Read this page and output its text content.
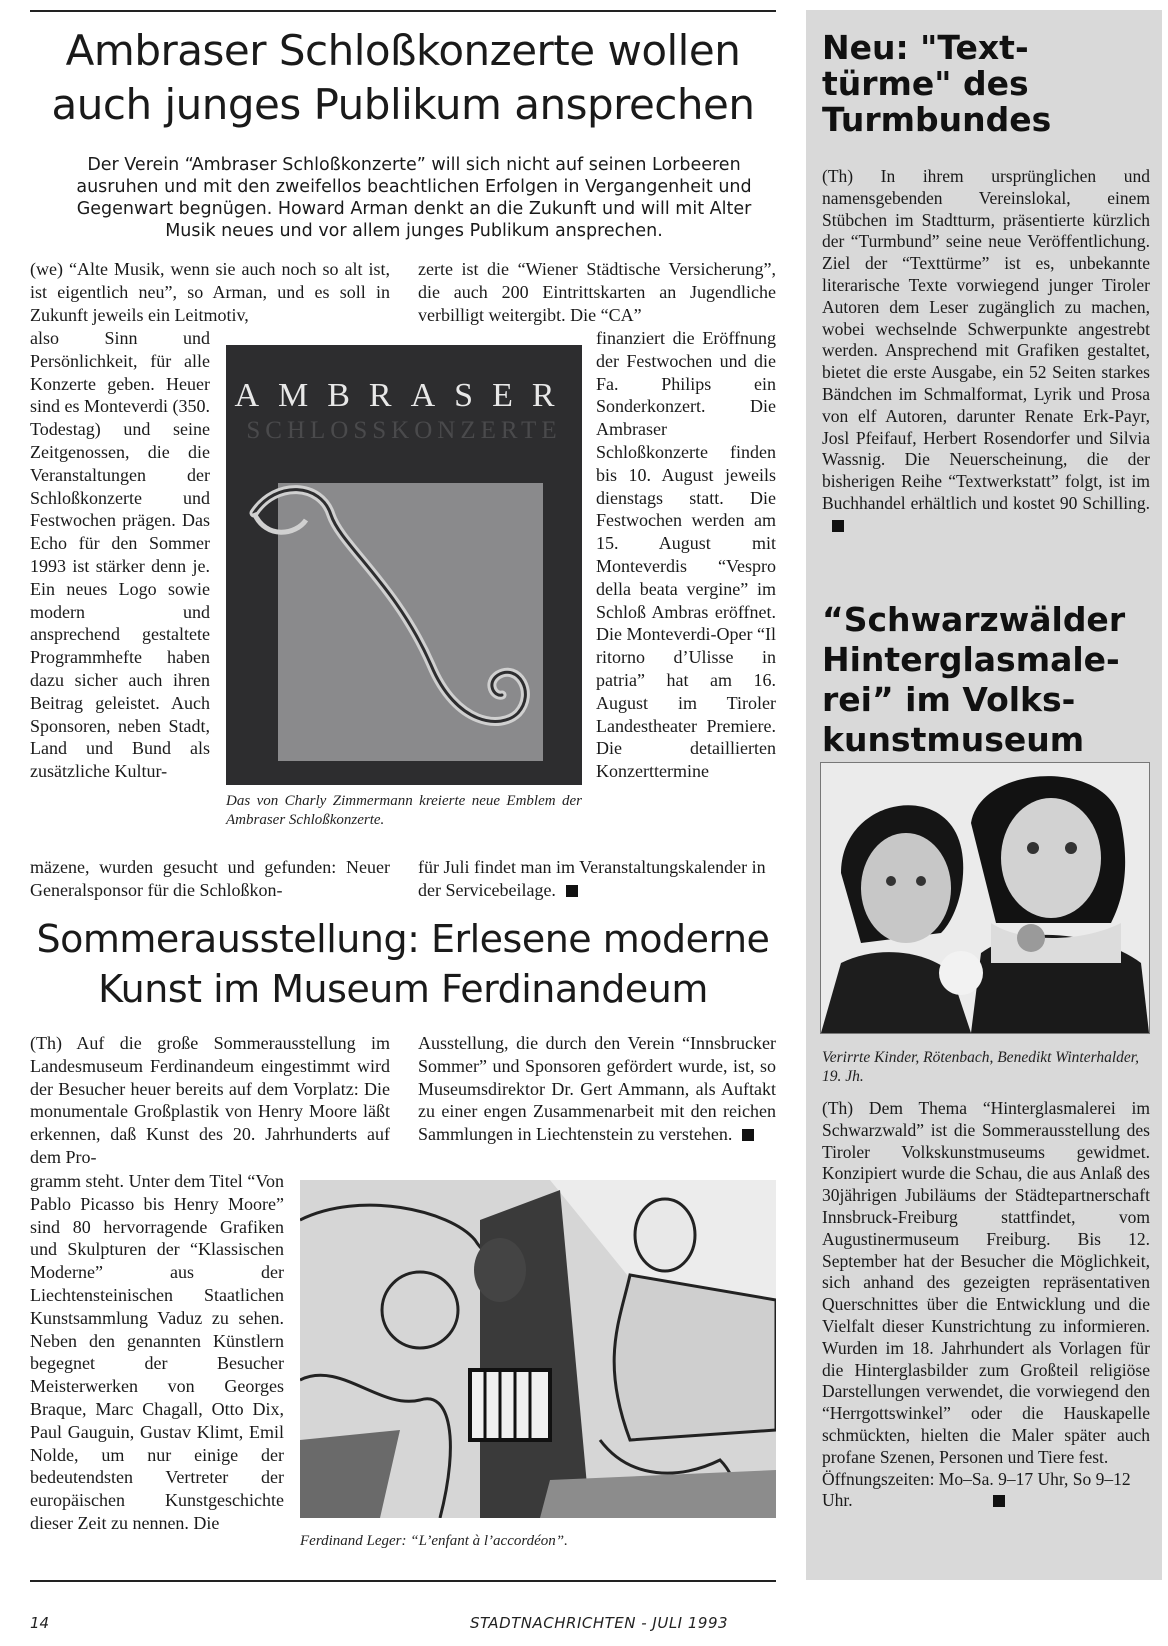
Ambraser Schloßkonzerte wollen
auch junges Publikum ansprechen
Der Verein “Ambraser Schloßkonzerte” will sich nicht auf seinen Lorbeeren ausruhen und mit den zweifellos beachtlichen Erfolgen in Vergangenheit und Gegenwart begnügen. Howard Arman denkt an die Zukunft und will mit Alter Musik neues und vor allem junges Publikum ansprechen.
(we) “Alte Musik, wenn sie auch noch so alt ist, ist eigentlich neu”, so Arman, und es soll in Zukunft jeweils ein Leitmotiv,
also Sinn und Persönlichkeit, für alle Konzerte geben. Heuer sind es Monteverdi (350. Todestag) und seine Zeitgenossen, die die Veranstaltungen der Schloßkonzerte und Festwochen prägen. Das Echo für den Sommer 1993 ist stärker denn je. Ein neues Logo sowie modern und ansprechend gestaltete Programmhefte haben dazu sicher auch ihren Beitrag geleistet. Auch Sponsoren, neben Stadt, Land und Bund als zusätzliche Kultur-
mäzene, wurden gesucht und gefunden: Neuer Generalsponsor für die Schloßkon-
zerte ist die “Wiener Städtische Versicherung”, die auch 200 Eintrittskarten an Jugendliche verbilligt weitergibt. Die “CA”
finanziert die Eröffnung der Festwochen und die Fa. Philips ein Sonderkonzert. Die Ambraser Schloßkonzerte finden bis 10. August jeweils dienstags statt. Die Festwochen werden am 15. August mit Monteverdis “Vespro della beata vergine” im Schloß Ambras eröffnet. Die Monteverdi-Oper “Il ritorno d’Ulisse in patria” hat am 16. August im Tiroler Landestheater Premiere. Die detaillierten Konzerttermine
für Juli findet man im Veranstaltungskalender in der Servicebeilage.
AMBRASER
SCHLOSSKONZERTE
Das von Charly Zimmermann kreierte neue Emblem der Ambraser Schloßkonzerte.
Sommerausstellung: Erlesene moderne
Kunst im Museum Ferdinandeum
(Th) Auf die große Sommerausstellung im Landesmuseum Ferdinandeum eingestimmt wird der Besucher heuer bereits auf dem Vorplatz: Die monumentale Großplastik von Henry Moore läßt erkennen, daß Kunst des 20. Jahrhunderts auf dem Pro-
gramm steht. Unter dem Titel “Von Pablo Picasso bis Henry Moore” sind 80 hervorragende Grafiken und Skulpturen der “Klassischen Moderne” aus der Liechtensteinischen Staatlichen Kunstsammlung Vaduz zu sehen. Neben den genannten Künstlern begegnet der Besucher Meisterwerken von Georges Braque, Marc Chagall, Otto Dix, Paul Gauguin, Gustav Klimt, Emil Nolde, um nur einige der bedeutendsten Vertreter der europäischen Kunstgeschichte dieser Zeit zu nennen. Die
Ausstellung, die durch den Verein “Innsbrucker Sommer” und Sponsoren gefördert wurde, ist, so Museumsdirektor Dr. Gert Ammann, als Auftakt zu einer engen Zusammenarbeit mit den reichen Sammlungen in Liechtenstein zu verstehen.
Ferdinand Leger: “L’enfant à l’accordéon”.
Neu: "Text-
türme" des
Turmbundes
(Th) In ihrem ursprünglichen und namensgebenden Vereinslokal, einem Stübchen im Stadtturm, präsentierte kürzlich der “Turmbund” seine neue Veröffentlichung. Ziel der “Texttürme” ist es, unbekannte literarische Texte vorwiegend junger Tiroler Autoren dem Leser zugänglich zu machen, wobei wechselnde Schwerpunkte angestrebt werden. Ansprechend mit Grafiken gestaltet, bietet die erste Ausgabe, ein 52 Seiten starkes Bändchen im Schmalformat, Lyrik und Prosa von elf Autoren, darunter Renate Erk-Payr, Josl Pfeifauf, Herbert Rosendorfer und Silvia Wassnig. Die Neuerscheinung, die der bisherigen Reihe “Textwerkstatt” folgt, ist im Buchhandel erhältlich und kostet 90 Schilling.
“Schwarzwälder
Hinterglasmale-
rei” im Volks-
kunstmuseum
Verirrte Kinder, Rötenbach, Benedikt Winterhalder, 19. Jh.
(Th) Dem Thema “Hinterglasmalerei im Schwarzwald” ist die Sommerausstellung des Tiroler Volkskunstmuseums gewidmet. Konzipiert wurde die Schau, die aus Anlaß des 30jährigen Jubiläums der Städtepartnerschaft Innsbruck-Freiburg stattfindet, vom Augustinermuseum Freiburg. Bis 12. September hat der Besucher die Möglichkeit, sich anhand des gezeigten repräsentativen Querschnittes über die Entwicklung und die Vielfalt dieser Kunstrichtung zu informieren. Wurden im 18. Jahrhundert als Vorlagen für die Hinterglasbilder zum Großteil religiöse Darstellungen verwendet, die vorwiegend den “Herrgottswinkel” oder die Hauskapelle schmückten, hielten die Maler später auch profane Szenen, Personen und Tiere fest.
Öffnungszeiten: Mo–Sa. 9–17 Uhr, So 9–12 Uhr.
14	STADTNACHRICHTEN - JULI 1993
